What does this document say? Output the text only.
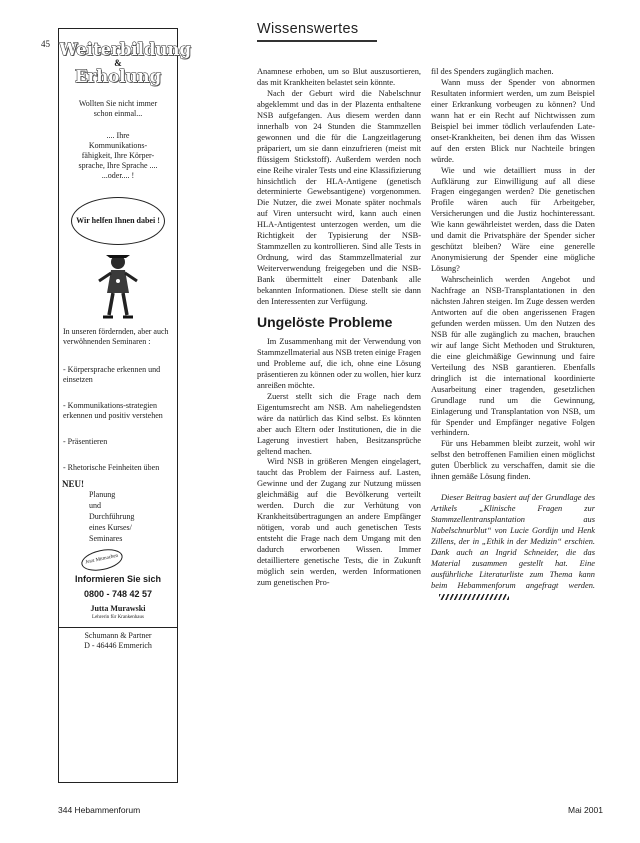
45 Weiterbildung
&
Erholung
Wollten Sie nicht immer schon einmal...
.... Ihre Kommunikations-fähigkeit, Ihre Körper-sprache, Ihre Sprache .... ...oder.... !
Wir helfen Ihnen dabei !
In unseren fördernden, aber auch verwöhnenden Seminaren :
- Körpersprache erkennen und einsetzen
- Kommunikations-strategien erkennen und positiv verstehen
- Präsentieren
- Rhetorische Feinheiten üben
NEU!
Planung
und
Durchführung
eines Kurses/
Seminares
Jetzt Mitmachen
Informieren Sie sich
0800 - 748 42 57
Jutta Murawski
Lehrerin für Krankenhaus
Schumann & Partner
D - 46446 Emmerich
Wissenswertes

Anamnese erhoben, um so Blut auszusortieren, das mit Krankheiten belastet sein könnte.

Nach der Geburt wird die Nabelschnur abgeklemmt und das in der Plazenta enthaltene NSB aufgefangen. Aus diesem werden dann innerhalb von 24 Stunden die Stammzellen gewonnen und die für die Langzeitlagerung präpariert, um sie dann einzufrieren (meist mit flüssigem Stickstoff). Außerdem werden noch eine Reihe viraler Tests und eine Klassifizierung hinsichtlich der HLA-Antigene (genetisch determinierte Gewebsantigene) vorgenommen. Die Nutzer, die zwei Monate später nochmals auf Viren untersucht wird, kann auch einen HLA-Antigentest unterzogen werden, um die Richtigkeit der Typisierung der NSB-Stammzellen zu kontrollieren. Sind alle Tests in Ordnung, wird das Stammzellmaterial zur Weiterverwendung freigegeben und die NSB-Bank übermittelt einer Datenbank alle bekannten Informationen. Diese stellt sie dann den Interessenten zur Verfügung.

Ungelöste Probleme

Im Zusammenhang mit der Verwendung von Stammzellmaterial aus NSB treten einige Fragen und Probleme auf, die ich, ohne eine Lösung präsentieren zu können oder zu wollen, hier kurz anreißen möchte.

Zuerst stellt sich die Frage nach dem Eigentumsrecht am NSB. Am naheliegendsten wäre da natürlich das Kind selbst. Es könnten aber auch Eltern oder Institutionen, die in die Lagerung investiert haben, Besitzansprüche geltend machen.

Wird NSB in größeren Mengen eingelagert, taucht das Problem der Fairness auf. Lasten, Gewinne und der Zugang zur Nutzung müssen gleichmäßig auf die Bevölkerung verteilt werden. Durch die zur Verhütung von Krankheitsübertragungen an andere Empfänger nötigen, vorab und auch genetischen Tests entsteht die Frage nach dem Umgang mit den dadurch erworbenen Wissen. Immer detailliertere genetische Tests, die in Zukunft möglich sein werden, werden Informationen zum genetischen Pro-

fil des Spenders zugänglich machen.

Wann muss der Spender von abnormen Resultaten informiert werden, um zum Beispiel einer Erkrankung vorbeugen zu können? Und wann hat er ein Recht auf Nichtwissen zum Beispiel bei immer tödlich verlaufenden Late-onset-Krankheiten, bei denen ihm das Wissen auf den ersten Blick nur Nachteile bringen würde.

Wie und wie detailliert muss in der Aufklärung zur Einwilligung auf all diese Fragen eingegangen werden? Die genetischen Profile wären auch für Arbeitgeber, Versicherungen und die Justiz hochinteressant. Wie kann gewährleistet werden, dass die Daten und damit die Privatsphäre der Spender sicher geschützt bleiben? Wäre eine generelle Anonymisierung der Spender eine mögliche Lösung?

Wahrscheinlich werden Angebot und Nachfrage an NSB-Transplantationen in den nächsten Jahren steigen. Im Zuge dessen werden Antworten auf die oben angerissenen Fragen gefunden werden müssen. Um den Nutzen des NSB für alle zugänglich zu machen, brauchen wir auf lange Sicht Methoden und Strukturen, die eine gleichmäßige Gewinnung und faire Verteilung des NSB garantieren. Ebenfalls dringlich ist die international koordinierte Ausarbeitung einer tragenden, gesetzlichen Grundlage rund um die Gewinnung, Einlagerung und Transplantation von NSB, um für Spender und Empfänger negative Folgen verhindern.

Für uns Hebammen bleibt zurzeit, wohl wir selbst den betroffenen Familien einen möglichst guten Überblick zu verschaffen, damit sie die ihnen gemäße Lösung finden.

Dieser Beitrag basiert auf der Grundlage des Artikels „Klinische Fragen zur Stammzellentransplantation aus Nabelschnurblut“ von Lucie Gordijn und Henk Zillens, der in „Ethik in der Medizin“ erschien. Dank auch an Ingrid Schneider, die das Material zusammen gestellt hat. Eine ausführliche Literaturliste zum Thema kann beim Hebammenforum angefragt werden.

344 Hebammenforum	Mai 2001
